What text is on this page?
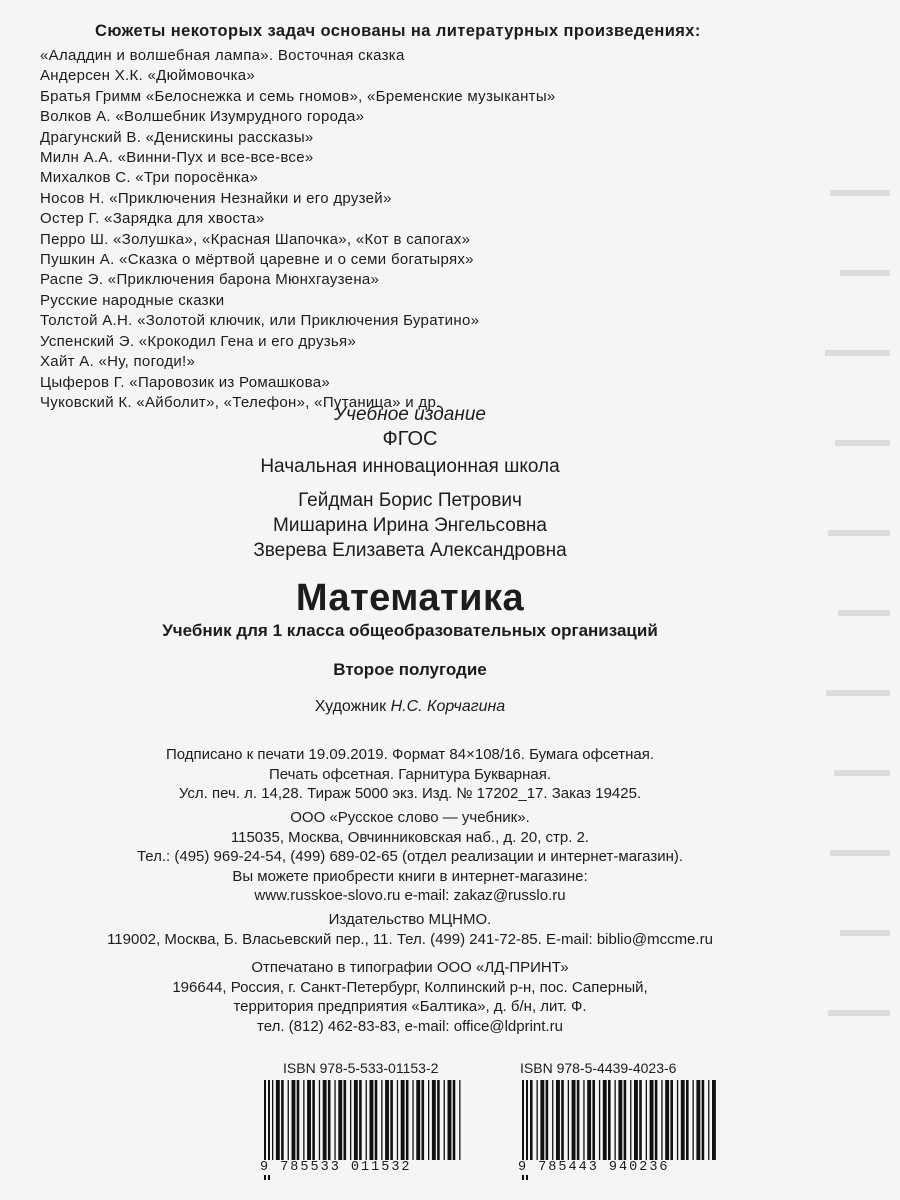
Сюжеты некоторых задач основаны на литературных произведениях:
«Аладдин и волшебная лампа». Восточная сказка
Андерсен Х.К. «Дюймовочка»
Братья Гримм «Белоснежка и семь гномов», «Бременские музыканты»
Волков А. «Волшебник Изумрудного города»
Драгунский В. «Денискины рассказы»
Милн А.А. «Винни-Пух и все-все-все»
Михалков С. «Три поросёнка»
Носов Н. «Приключения Незнайки и его друзей»
Остер Г. «Зарядка для хвоста»
Перро Ш. «Золушка», «Красная Шапочка», «Кот в сапогах»
Пушкин А. «Сказка о мёртвой царевне и о семи богатырях»
Распе Э. «Приключения барона Мюнхгаузена»
Русские народные сказки
Толстой А.Н. «Золотой ключик, или Приключения Буратино»
Успенский Э. «Крокодил Гена и его друзья»
Хайт А. «Ну, погоди!»
Цыферов Г. «Паровозик из Ромашкова»
Чуковский К. «Айболит», «Телефон», «Путаница» и др.
Учебное издание
ФГОС
Начальная инновационная школа
Гейдман Борис Петрович
Мишарина Ирина Энгельсовна
Зверева Елизавета Александровна
Математика
Учебник для 1 класса общеобразовательных организаций
Второе полугодие
Художник Н.С. Корчагина
Подписано к печати 19.09.2019. Формат 84×108/16. Бумага офсетная.
Печать офсетная. Гарнитура Букварная.
Усл. печ. л. 14,28. Тираж 5000 экз. Изд. № 17202_17. Заказ 19425.
ООО «Русское слово — учебник».
115035, Москва, Овчинниковская наб., д. 20, стр. 2.
Тел.: (495) 969-24-54, (499) 689-02-65 (отдел реализации и интернет-магазин).
Вы можете приобрести книги в интернет-магазине:
www.russkoe-slovo.ru e-mail: zakaz@russlo.ru
Издательство МЦНМО.
119002, Москва, Б. Власьевский пер., 11. Тел. (499) 241-72-85. E-mail: biblio@mccme.ru
Отпечатано в типографии ООО «ЛД-ПРИНТ»
196644, Россия, г. Санкт-Петербург, Колпинский р-н, пос. Саперный,
территория предприятия «Балтика», д. б/н, лит. Ф.
тел. (812) 462-83-83, e-mail: office@ldprint.ru
ISBN 978-5-533-01153-2	ISBN 978-5-4439-4023-6
9 785533 011532	9 785443 940236
